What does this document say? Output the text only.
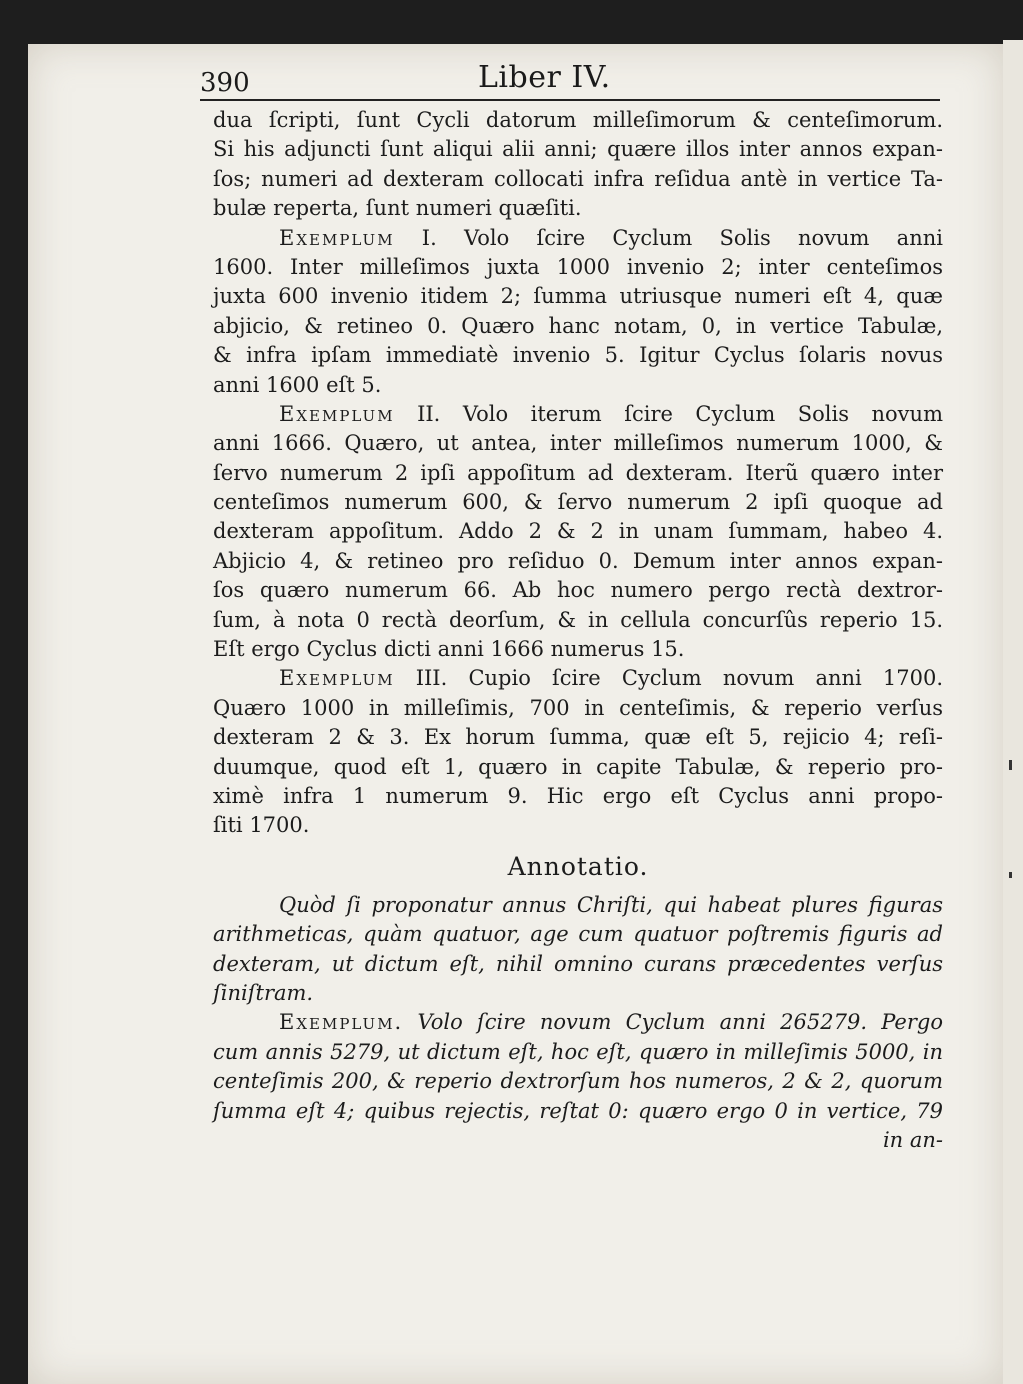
390	Liber IV.
dua ſcripti, ſunt Cycli datorum milleſimorum & centeſimorum.
Si his adjuncti ſunt aliqui alii anni; quære illos inter annos expan-
ſos; numeri ad dexteram collocati infra reſidua antè in vertice Ta-
bulæ reperta, ſunt numeri quæſiti.
Exemplum I. Volo ſcire Cyclum Solis novum anni
1600. Inter milleſimos juxta 1000 invenio 2; inter centeſimos
juxta 600 invenio itidem 2; ſumma utriusque numeri eſt 4, quæ
abjicio, & retineo 0. Quæro hanc notam, 0, in vertice Tabulæ,
& infra ipſam immediatè invenio 5. Igitur Cyclus ſolaris novus
anni 1600 eſt 5.
Exemplum II. Volo iterum ſcire Cyclum Solis novum
anni 1666. Quæro, ut antea, inter milleſimos numerum 1000, &
ſervo numerum 2 ipſi appoſitum ad dexteram. Iterũ quæro inter
centeſimos numerum 600, & ſervo numerum 2 ipſi quoque ad
dexteram appoſitum. Addo 2 & 2 in unam ſummam, habeo 4.
Abjicio 4, & retineo pro reſiduo 0. Demum inter annos expan-
ſos quæro numerum 66. Ab hoc numero pergo rectà dextror-
ſum, à nota 0 rectà deorſum, & in cellula concurſûs reperio 15.
Eſt ergo Cyclus dicti anni 1666 numerus 15.
Exemplum III. Cupio ſcire Cyclum novum anni 1700.
Quæro 1000 in milleſimis, 700 in centeſimis, & reperio verſus
dexteram 2 & 3. Ex horum ſumma, quæ eſt 5, rejicio 4; reſi-
duumque, quod eſt 1, quæro in capite Tabulæ, & reperio pro-
ximè infra 1 numerum 9. Hic ergo eſt Cyclus anni propo-
ſiti 1700.
Annotatio.
Quòd ſi proponatur annus Chriſti, qui habeat plures figuras
arithmeticas, quàm quatuor, age cum quatuor poſtremis figuris ad
dexteram, ut dictum eſt, nihil omnino curans præcedentes verſus
ſiniſtram.
Exemplum. Volo ſcire novum Cyclum anni 265279. Pergo
cum annis 5279, ut dictum eſt, hoc eſt, quæro in milleſimis 5000, in
centeſimis 200, & reperio dextrorſum hos numeros, 2 & 2, quorum
ſumma eſt 4; quibus rejectis, reſtat 0: quæro ergo 0 in vertice, 79
in an-
